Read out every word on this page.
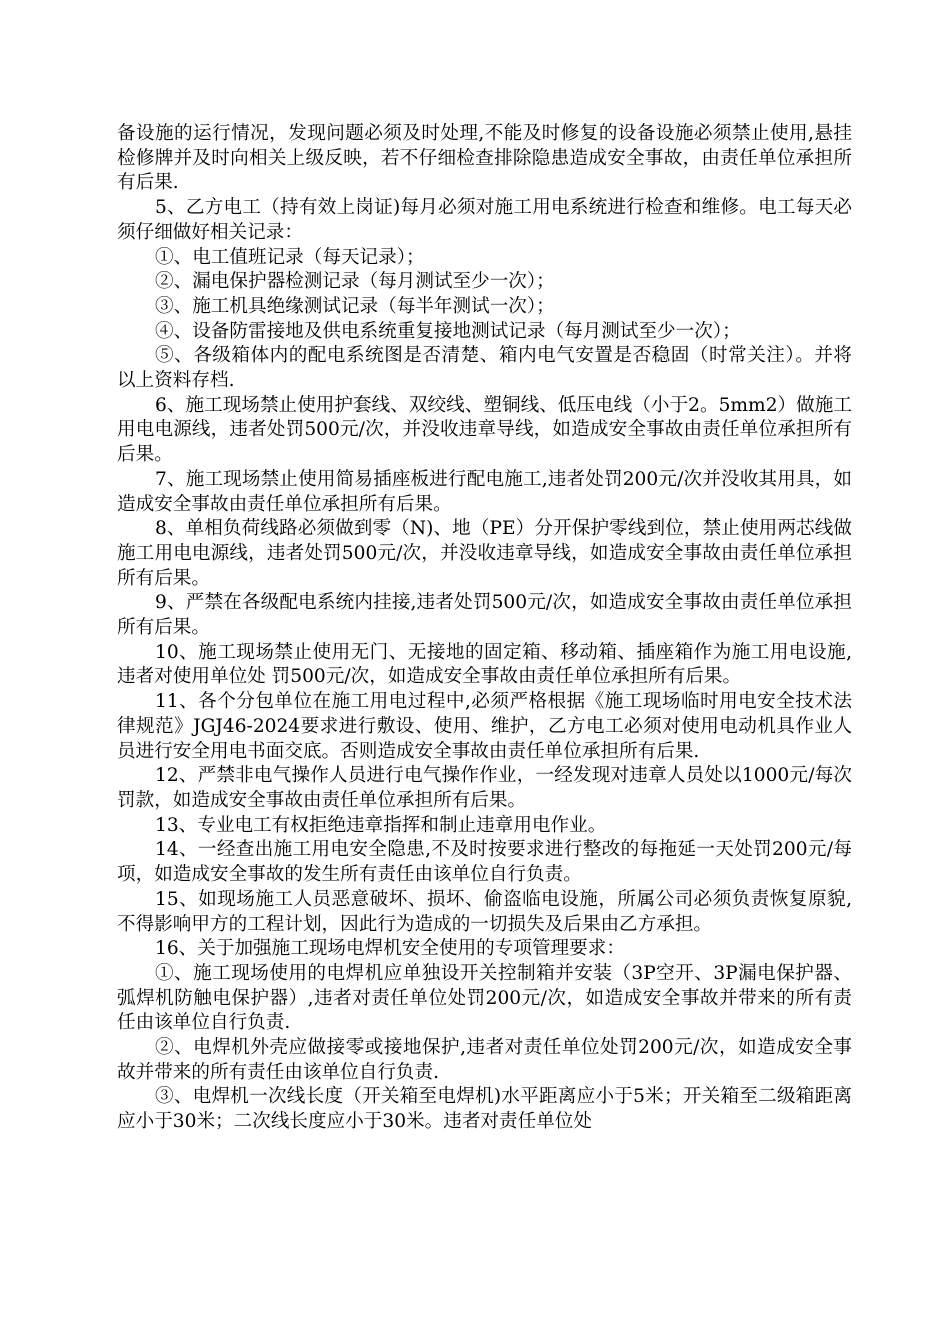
备设施的运行情况，发现问题必须及时处理,不能及时修复的设备设施必须禁止使用,悬挂检修牌并及时向相关上级反映，若不仔细检查排除隐患造成安全事故，由责任单位承担所有后果.

5、乙方电工（持有效上岗证)每月必须对施工用电系统进行检查和维修。电工每天必须仔细做好相关记录：

①、电工值班记录（每天记录）；

②、漏电保护器检测记录（每月测试至少一次）；

③、施工机具绝缘测试记录（每半年测试一次）；

④、设备防雷接地及供电系统重复接地测试记录（每月测试至少一次）；

⑤、各级箱体内的配电系统图是否清楚、箱内电气安置是否稳固（时常关注）。并将以上资料存档.

6、施工现场禁止使用护套线、双绞线、塑铜线、低压电线（小于2。5mm2）做施工用电电源线，违者处罚500元/次，并没收违章导线，如造成安全事故由责任单位承担所有后果。

7、施工现场禁止使用简易插座板进行配电施工,违者处罚200元/次并没收其用具，如造成安全事故由责任单位承担所有后果。

8、单相负荷线路必须做到零（N)、地（PE）分开保护零线到位，禁止使用两芯线做施工用电电源线，违者处罚500元/次，并没收违章导线，如造成安全事故由责任单位承担所有后果。

9、严禁在各级配电系统内挂接,违者处罚500元/次，如造成安全事故由责任单位承担所有后果。

10、施工现场禁止使用无门、无接地的固定箱、移动箱、插座箱作为施工用电设施,违者对使用单位处 罚500元/次，如造成安全事故由责任单位承担所有后果。

11、各个分包单位在施工用电过程中,必须严格根据《施工现场临时用电安全技术法律规范》JGJ46-2024要求进行敷设、使用、维护，乙方电工必须对使用电动机具作业人员进行安全用电书面交底。否则造成安全事故由责任单位承担所有后果.

12、严禁非电气操作人员进行电气操作作业，一经发现对违章人员处以1000元/每次罚款，如造成安全事故由责任单位承担所有后果。

13、专业电工有权拒绝违章指挥和制止违章用电作业。

14、一经查出施工用电安全隐患,不及时按要求进行整改的每拖延一天处罚200元/每项，如造成安全事故的发生所有责任由该单位自行负责。

15、如现场施工人员恶意破坏、损坏、偷盗临电设施，所属公司必须负责恢复原貌,不得影响甲方的工程计划，因此行为造成的一切损失及后果由乙方承担。

16、关于加强施工现场电焊机安全使用的专项管理要求：

①、施工现场使用的电焊机应单独设开关控制箱并安装（3P空开、3P漏电保护器、弧焊机防触电保护器）,违者对责任单位处罚200元/次，如造成安全事故并带来的所有责任由该单位自行负责.

②、电焊机外壳应做接零或接地保护,违者对责任单位处罚200元/次，如造成安全事故并带来的所有责任由该单位自行负责.

③、电焊机一次线长度（开关箱至电焊机)水平距离应小于5米；开关箱至二级箱距离应小于30米；二次线长度应小于30米。违者对责任单位处
